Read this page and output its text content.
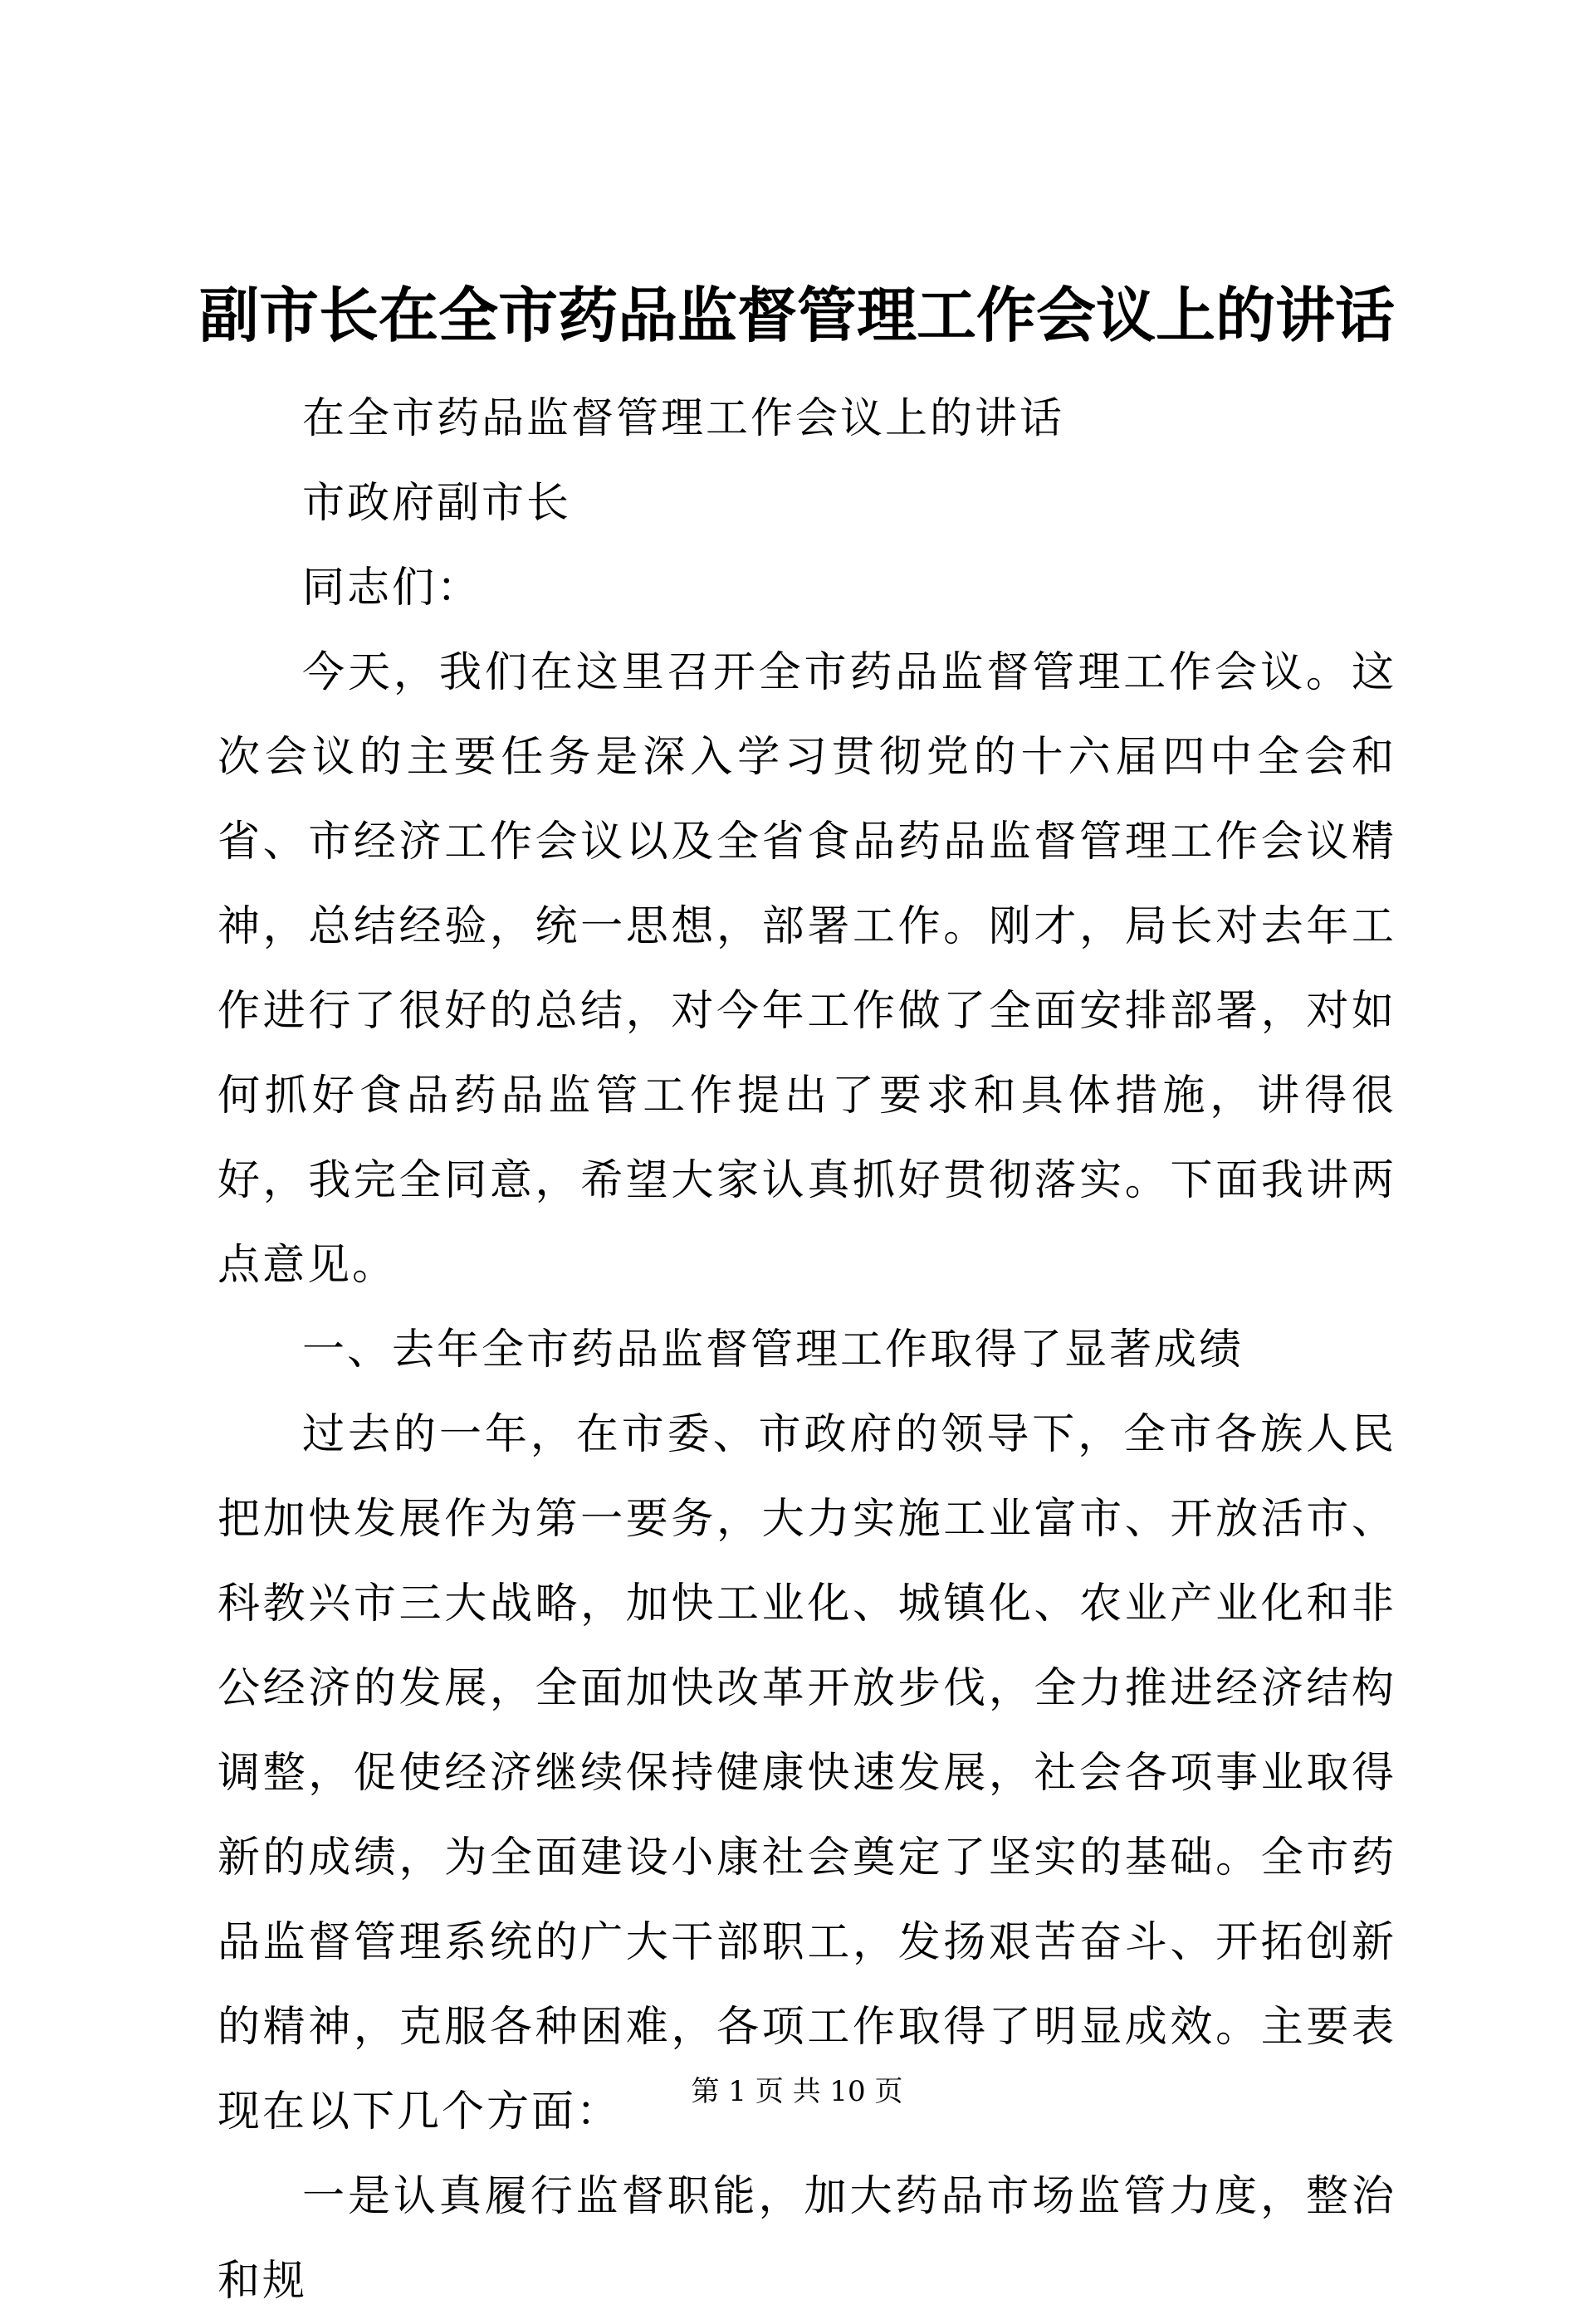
副市长在全市药品监督管理工作会议上的讲话

在全市药品监督管理工作会议上的讲话

市政府副市长

同志们：

今天，我们在这里召开全市药品监督管理工作会议。这次会议的主要任务是深入学习贯彻党的十六届四中全会和省、市经济工作会议以及全省食品药品监督管理工作会议精神，总结经验，统一思想，部署工作。刚才，局长对去年工作进行了很好的总结，对今年工作做了全面安排部署，对如何抓好食品药品监管工作提出了要求和具体措施，讲得很好，我完全同意，希望大家认真抓好贯彻落实。下面我讲两点意见。

一、去年全市药品监督管理工作取得了显著成绩

过去的一年，在市委、市政府的领导下，全市各族人民把加快发展作为第一要务，大力实施工业富市、开放活市、科教兴市三大战略，加快工业化、城镇化、农业产业化和非公经济的发展，全面加快改革开放步伐，全力推进经济结构调整，促使经济继续保持健康快速发展，社会各项事业取得新的成绩，为全面建设小康社会奠定了坚实的基础。全市药品监督管理系统的广大干部职工，发扬艰苦奋斗、开拓创新的精神，克服各种困难，各项工作取得了明显成效。主要表现在以下几个方面：

一是认真履行监督职能，加大药品市场监管力度，整治和规

第 1 页 共 10 页
